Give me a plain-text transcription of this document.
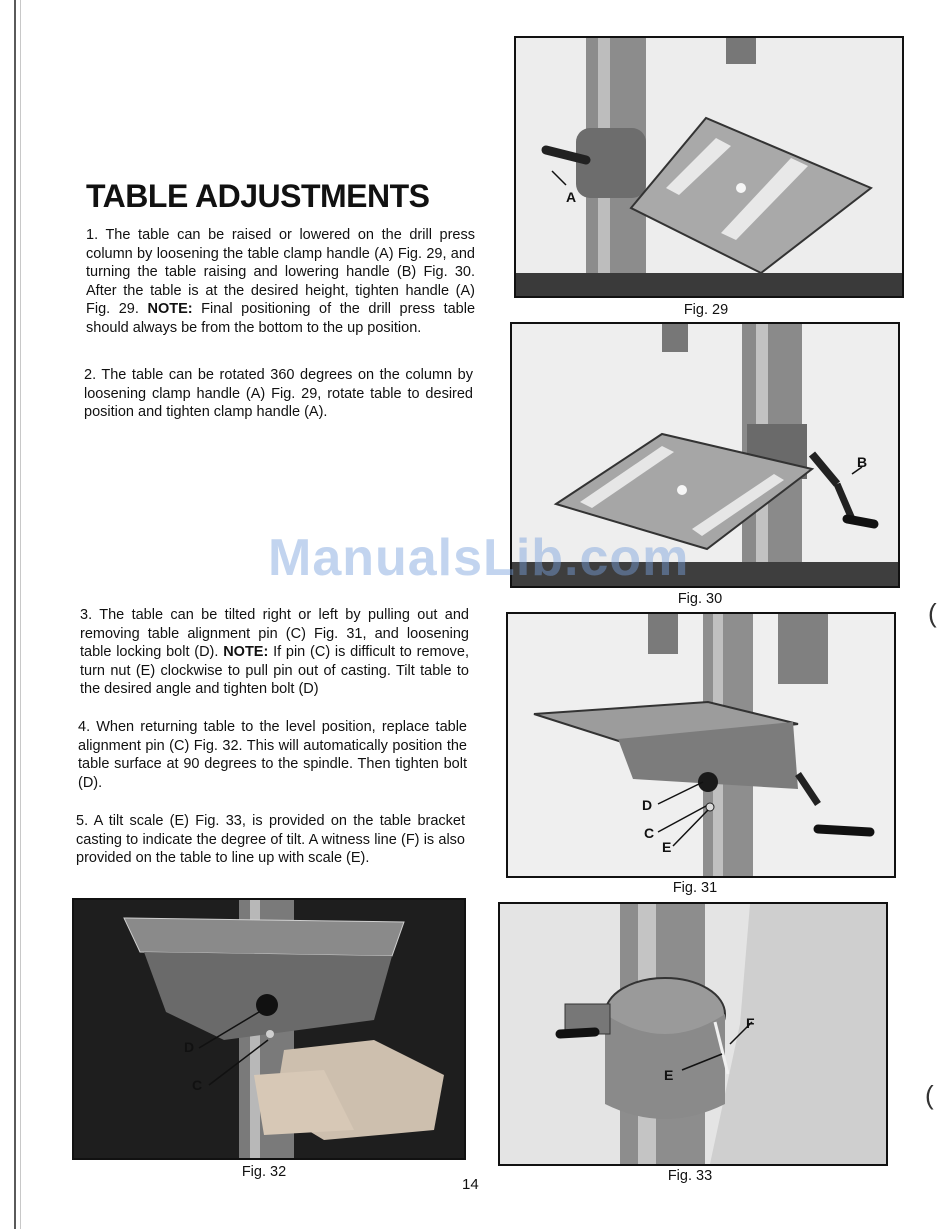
TABLE ADJUSTMENTS

1. The table can be raised or lowered on the drill press column by loosening the table clamp handle (A) Fig. 29, and turning the table raising and lowering handle (B) Fig. 30. After the table is at the desired height, tighten handle (A) Fig. 29. NOTE: Final positioning of the drill press table should always be from the bottom to the up position.

2. The table can be rotated 360 degrees on the column by loosening clamp handle (A) Fig. 29, rotate table to desired position and tighten clamp handle (A).

3. The table can be tilted right or left by pulling out and removing table alignment pin (C) Fig. 31, and loosening table locking bolt (D). NOTE: If pin (C) is difficult to remove, turn nut (E) clockwise to pull pin out of casting. Tilt table to the desired angle and tighten bolt (D)

4. When returning table to the level position, replace table alignment pin (C) Fig. 32. This will automatically position the table surface at 90 degrees to the spindle. Then tighten bolt (D).

5. A tilt scale (E) Fig. 33, is provided on the table bracket casting to indicate the degree of tilt. A witness line (F) is also provided on the table to line up with scale (E).

A
Fig. 29
B
Fig. 30
D
C
E
Fig. 31
D
C
Fig. 32
F
E
Fig. 33
14
ManualsLib.com
(
(
